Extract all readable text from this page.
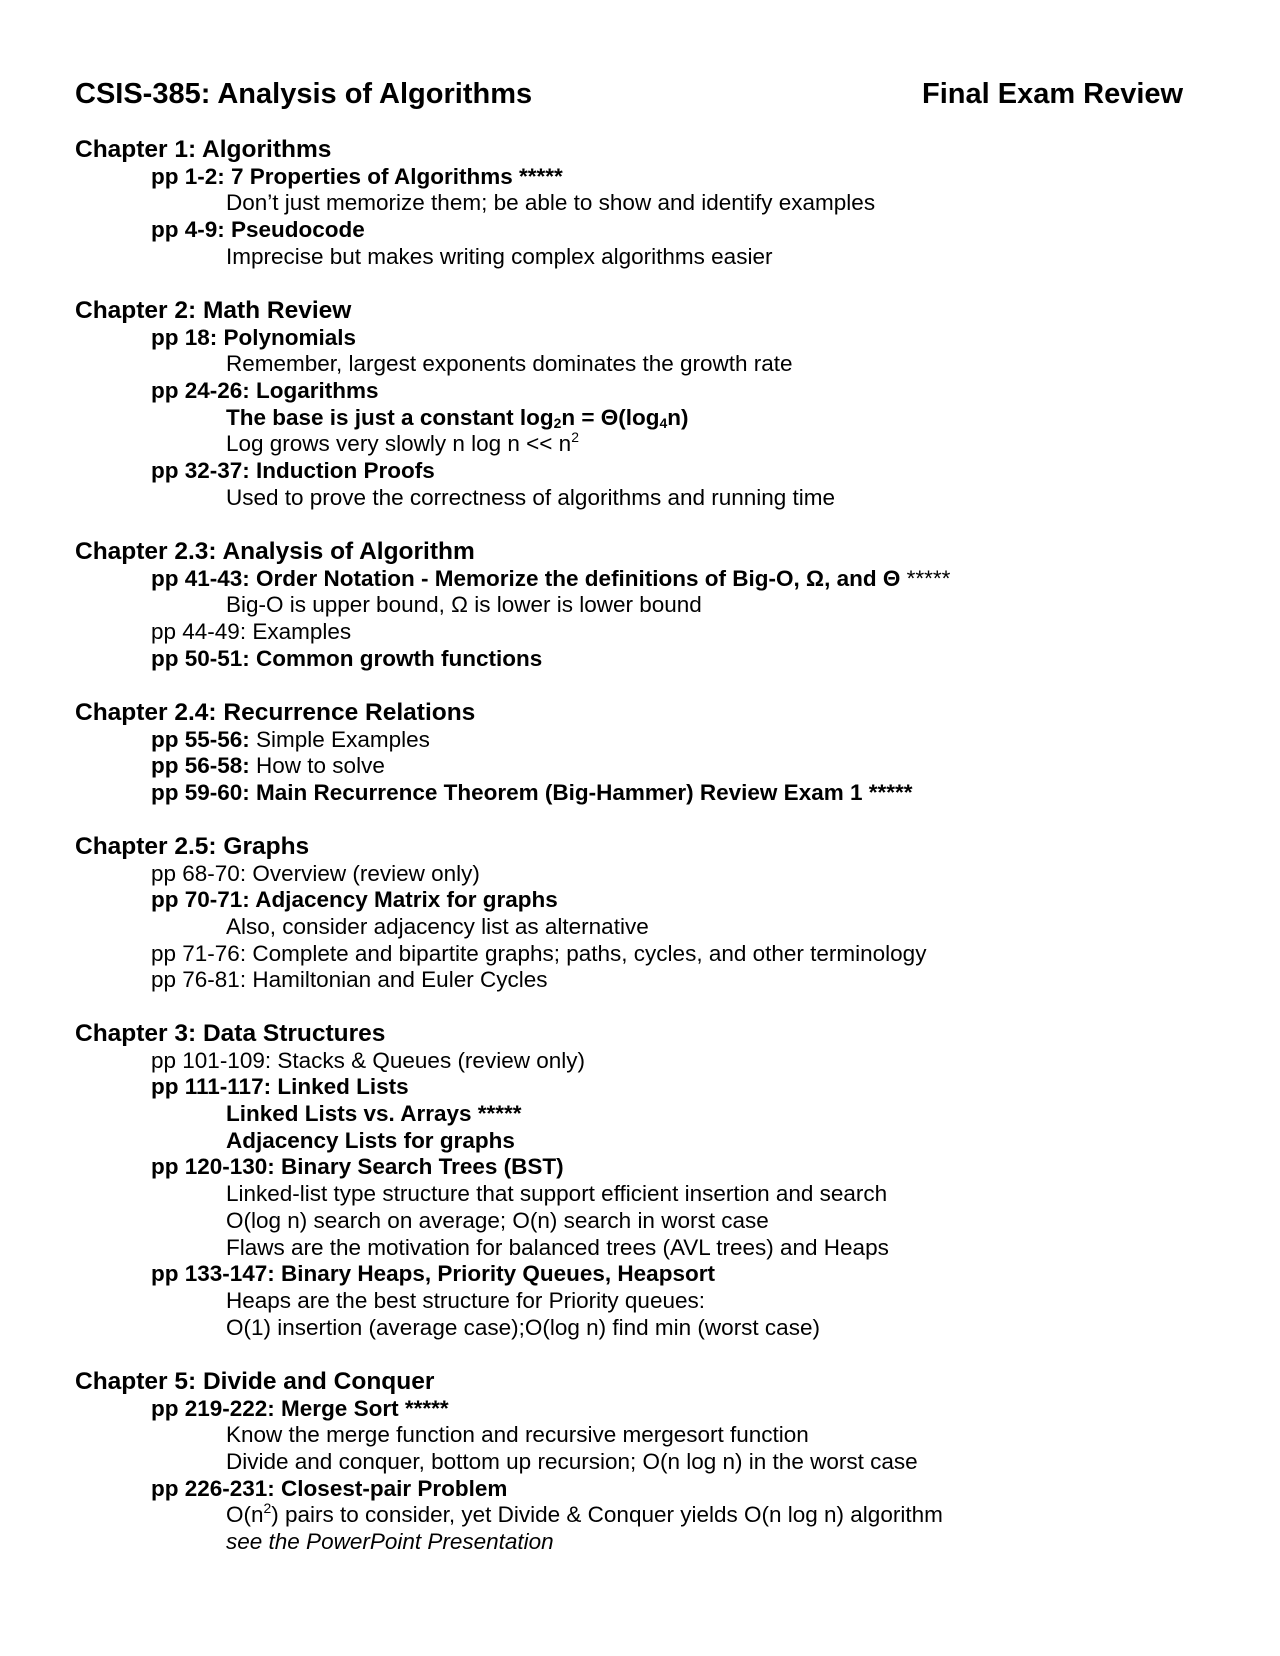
CSIS-385: Analysis of Algorithms	Final Exam Review
Chapter 1: Algorithms
pp 1-2: 7 Properties of Algorithms *****
Don’t just memorize them; be able to show and identify examples
pp 4-9: Pseudocode
Imprecise but makes writing complex algorithms easier
Chapter 2: Math Review
pp 18: Polynomials
Remember, largest exponents dominates the growth rate
pp 24-26: Logarithms
The base is just a constant $\log_2n = \Theta(\log_4n)$
Log grows very slowly n $\log n << n^2$
pp 32-37: Induction Proofs
Used to prove the correctness of algorithms and running time
Chapter 2.3: Analysis of Algorithm
pp 41-43: Order Notation - Memorize the definitions of Big-O, Ω, and Θ *****
Big-O is upper bound, Ω is lower is lower bound
pp 44-49: Examples
pp 50-51: Common growth functions
Chapter 2.4: Recurrence Relations
pp 55-56: Simple Examples
pp 56-58: How to solve
pp 59-60: Main Recurrence Theorem (Big-Hammer) Review Exam 1 *****
Chapter 2.5: Graphs
pp 68-70: Overview (review only)
pp 70-71: Adjacency Matrix for graphs
Also, consider adjacency list as alternative
pp 71-76: Complete and bipartite graphs; paths, cycles, and other terminology
pp 76-81: Hamiltonian and Euler Cycles
Chapter 3: Data Structures
pp 101-109: Stacks & Queues (review only)
pp 111-117: Linked Lists
Linked Lists vs. Arrays *****
Adjacency Lists for graphs
pp 120-130: Binary Search Trees (BST)
Linked-list type structure that support efficient insertion and search
O(log n) search on average; O(n) search in worst case
Flaws are the motivation for balanced trees (AVL trees) and Heaps
pp 133-147: Binary Heaps, Priority Queues, Heapsort
Heaps are the best structure for Priority queues:
O(1) insertion (average case);O(log n) find min (worst case)
Chapter 5: Divide and Conquer
pp 219-222: Merge Sort *****
Know the merge function and recursive mergesort function
Divide and conquer, bottom up recursion; O(n log n) in the worst case
pp 226-231: Closest-pair Problem
$O(n^2)$ pairs to consider, yet Divide & Conquer yields O(n log n) algorithm
see the PowerPoint Presentation
